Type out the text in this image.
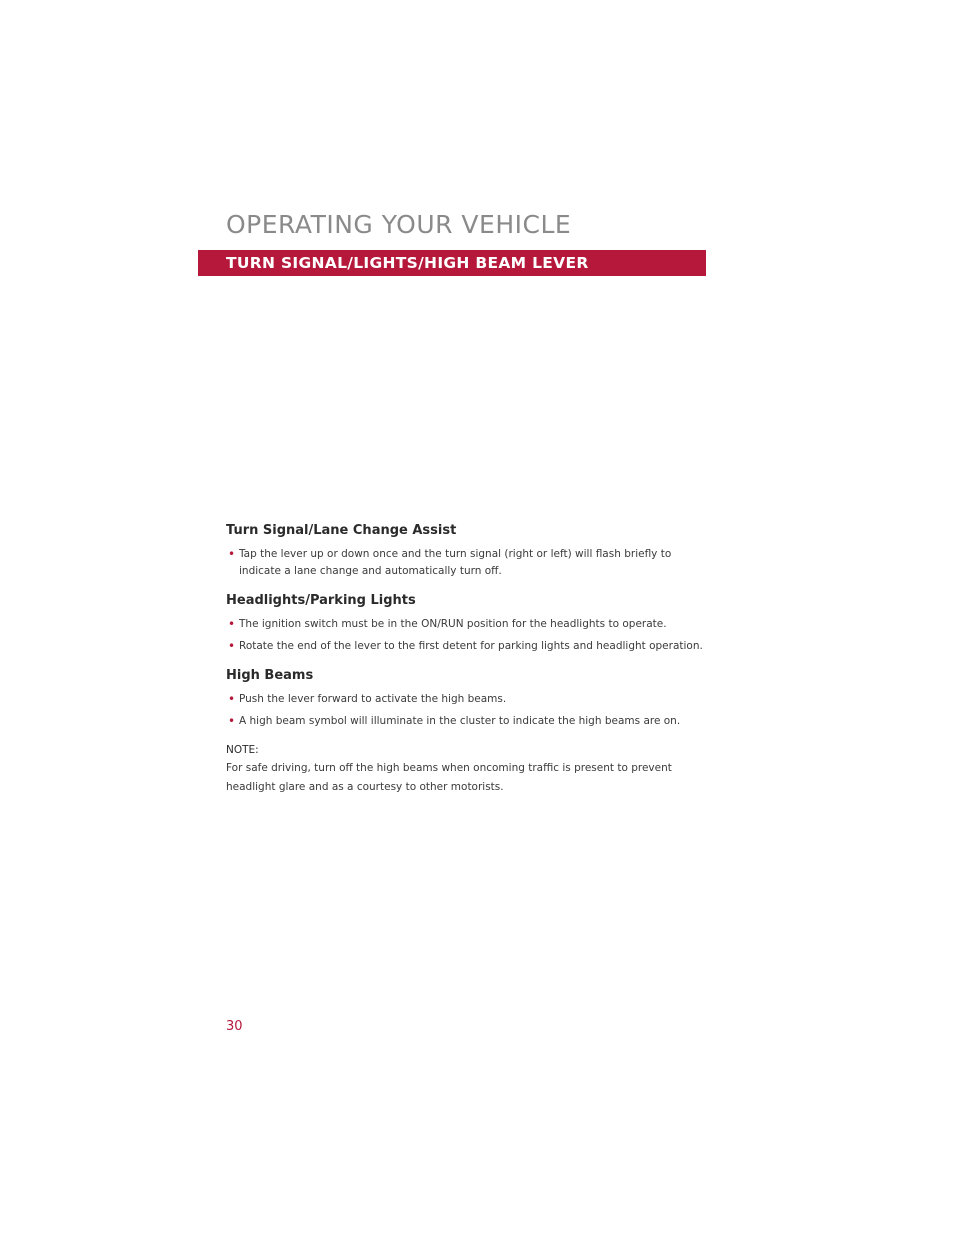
OPERATING YOUR VEHICLE
TURN SIGNAL/LIGHTS/HIGH BEAM LEVER
Turn Signal/Lane Change Assist
• Tap the lever up or down once and the turn signal (right or left) will flash briefly to indicate a lane change and automatically turn off.
Headlights/Parking Lights
• The ignition switch must be in the ON/RUN position for the headlights to operate.
• Rotate the end of the lever to the first detent for parking lights and headlight operation.
High Beams
• Push the lever forward to activate the high beams.
• A high beam symbol will illuminate in the cluster to indicate the high beams are on.
NOTE:
For safe driving, turn off the high beams when oncoming traffic is present to prevent headlight glare and as a courtesy to other motorists.
30
